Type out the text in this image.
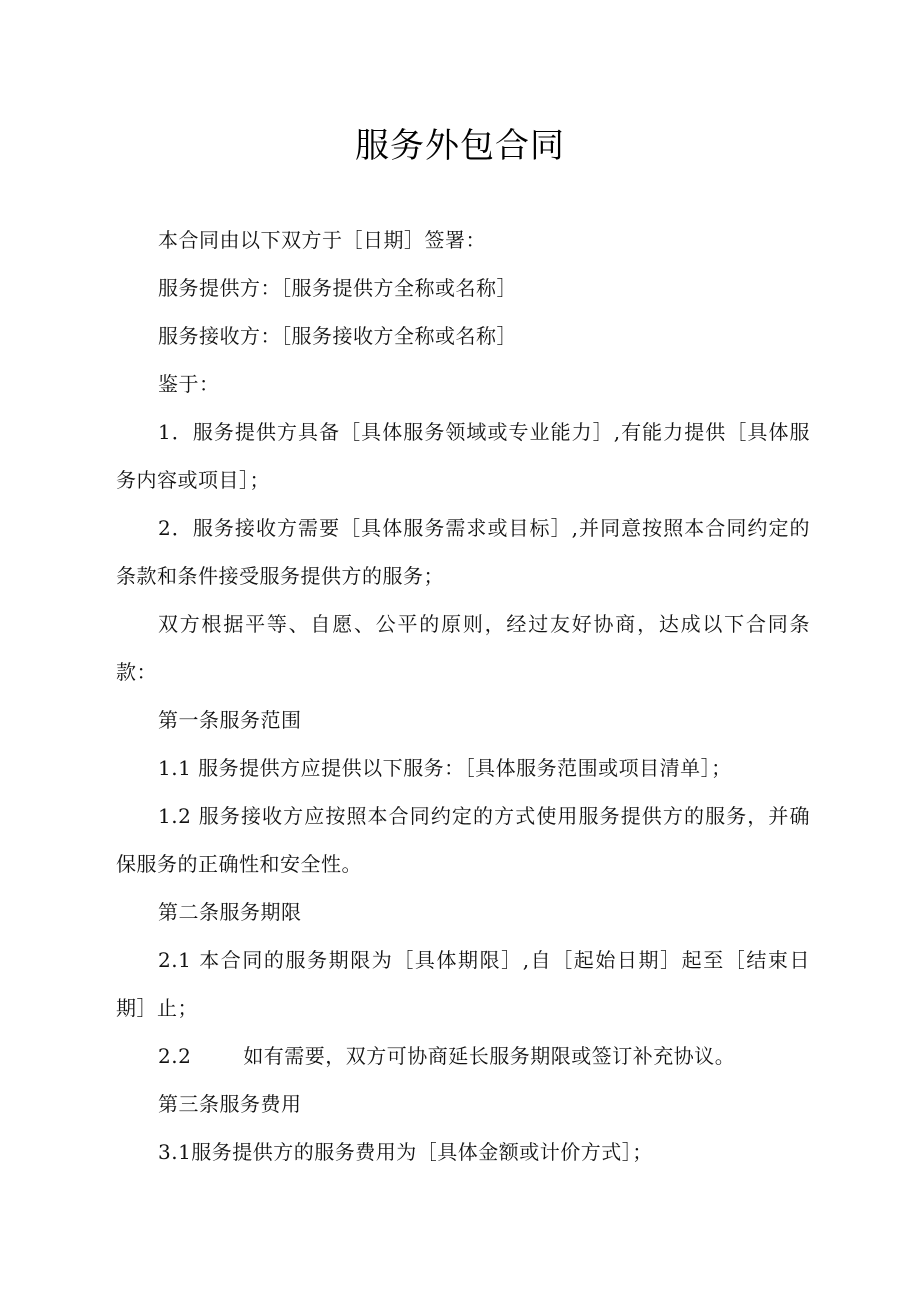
服务外包合同

本合同由以下双方于［日期］签署：

服务提供方：［服务提供方全称或名称］

服务接收方：［服务接收方全称或名称］

鉴于：

1．服务提供方具备［具体服务领域或专业能力］,有能力提供［具体服务内容或项目］；

2．服务接收方需要［具体服务需求或目标］,并同意按照本合同约定的条款和条件接受服务提供方的服务；

双方根据平等、自愿、公平的原则，经过友好协商，达成以下合同条款：

第一条服务范围

1.1 服务提供方应提供以下服务：［具体服务范围或项目清单］；

1.2 服务接收方应按照本合同约定的方式使用服务提供方的服务，并确保服务的正确性和安全性。

第二条服务期限

2.1 本合同的服务期限为［具体期限］,自［起始日期］起至［结束日期］止；

2.2	如有需要，双方可协商延长服务期限或签订补充协议。

第三条服务费用

3.1服务提供方的服务费用为［具体金额或计价方式］；
